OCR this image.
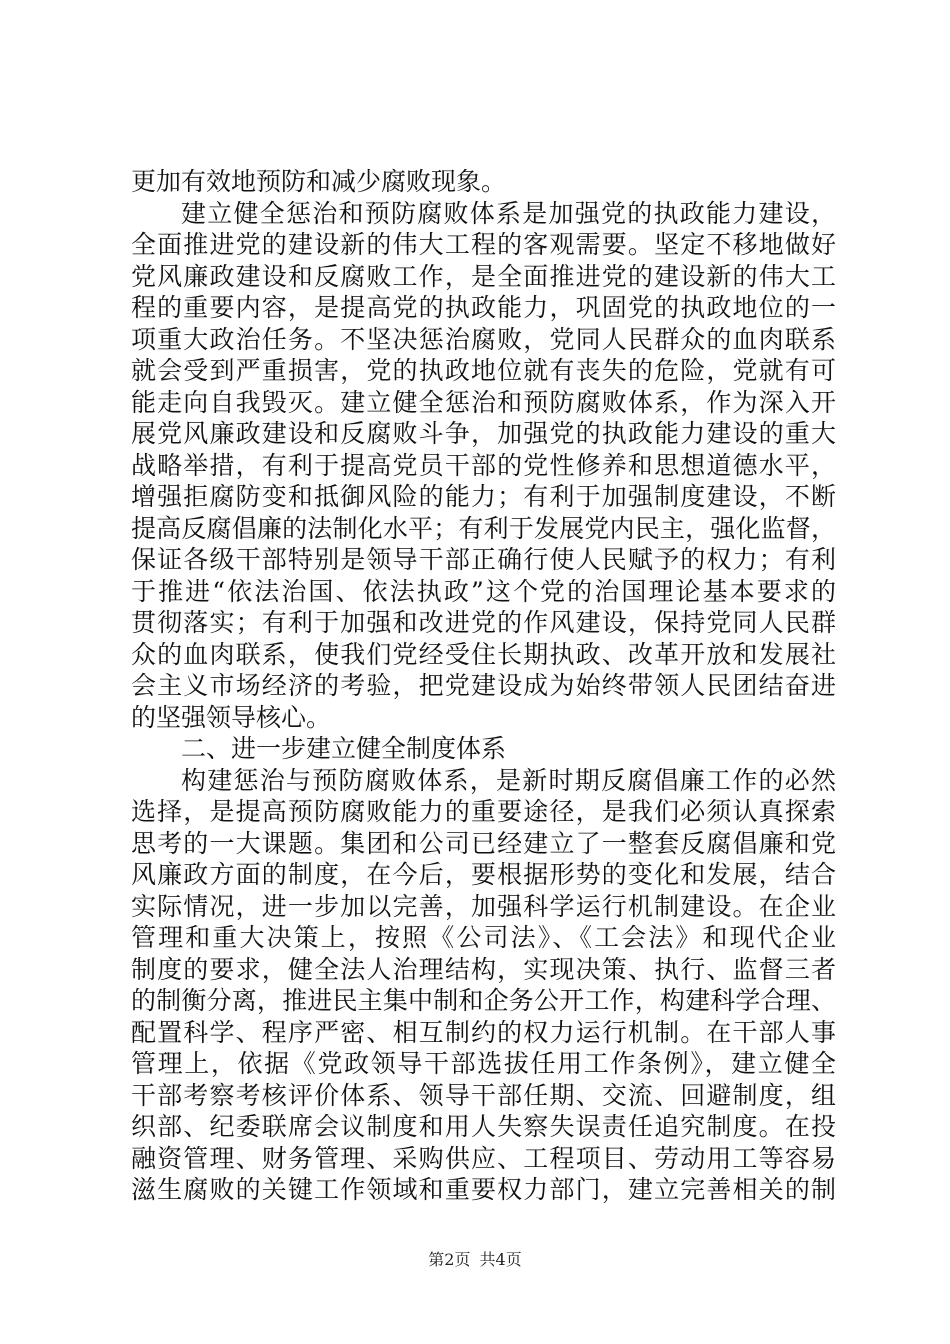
更加有效地预防和减少腐败现象。
建立健全惩治和预防腐败体系是加强党的执政能力建设，
全面推进党的建设新的伟大工程的客观需要。坚定不移地做好
党风廉政建设和反腐败工作，是全面推进党的建设新的伟大工
程的重要内容，是提高党的执政能力，巩固党的执政地位的一
项重大政治任务。不坚决惩治腐败，党同人民群众的血肉联系
就会受到严重损害，党的执政地位就有丧失的危险，党就有可
能走向自我毁灭。建立健全惩治和预防腐败体系，作为深入开
展党风廉政建设和反腐败斗争，加强党的执政能力建设的重大
战略举措，有利于提高党员干部的党性修养和思想道德水平，
增强拒腐防变和抵御风险的能力；有利于加强制度建设，不断
提高反腐倡廉的法制化水平；有利于发展党内民主，强化监督，
保证各级干部特别是领导干部正确行使人民赋予的权力；有利
于推进“依法治国、依法执政”这个党的治国理论基本要求的
贯彻落实；有利于加强和改进党的作风建设，保持党同人民群
众的血肉联系，使我们党经受住长期执政、改革开放和发展社
会主义市场经济的考验，把党建设成为始终带领人民团结奋进
的坚强领导核心。
二、进一步建立健全制度体系
构建惩治与预防腐败体系，是新时期反腐倡廉工作的必然
选择，是提高预防腐败能力的重要途径，是我们必须认真探索
思考的一大课题。集团和公司已经建立了一整套反腐倡廉和党
风廉政方面的制度，在今后，要根据形势的变化和发展，结合
实际情况，进一步加以完善，加强科学运行机制建设。在企业
管理和重大决策上，按照《公司法》、《工会法》和现代企业
制度的要求，健全法人治理结构，实现决策、执行、监督三者
的制衡分离，推进民主集中制和企务公开工作，构建科学合理、
配置科学、程序严密、相互制约的权力运行机制。在干部人事
管理上，依据《党政领导干部选拔任用工作条例》，建立健全
干部考察考核评价体系、领导干部任期、交流、回避制度，组
织部、纪委联席会议制度和用人失察失误责任追究制度。在投
融资管理、财务管理、采购供应、工程项目、劳动用工等容易
滋生腐败的关键工作领域和重要权力部门，建立完善相关的制
第2页 共4页
